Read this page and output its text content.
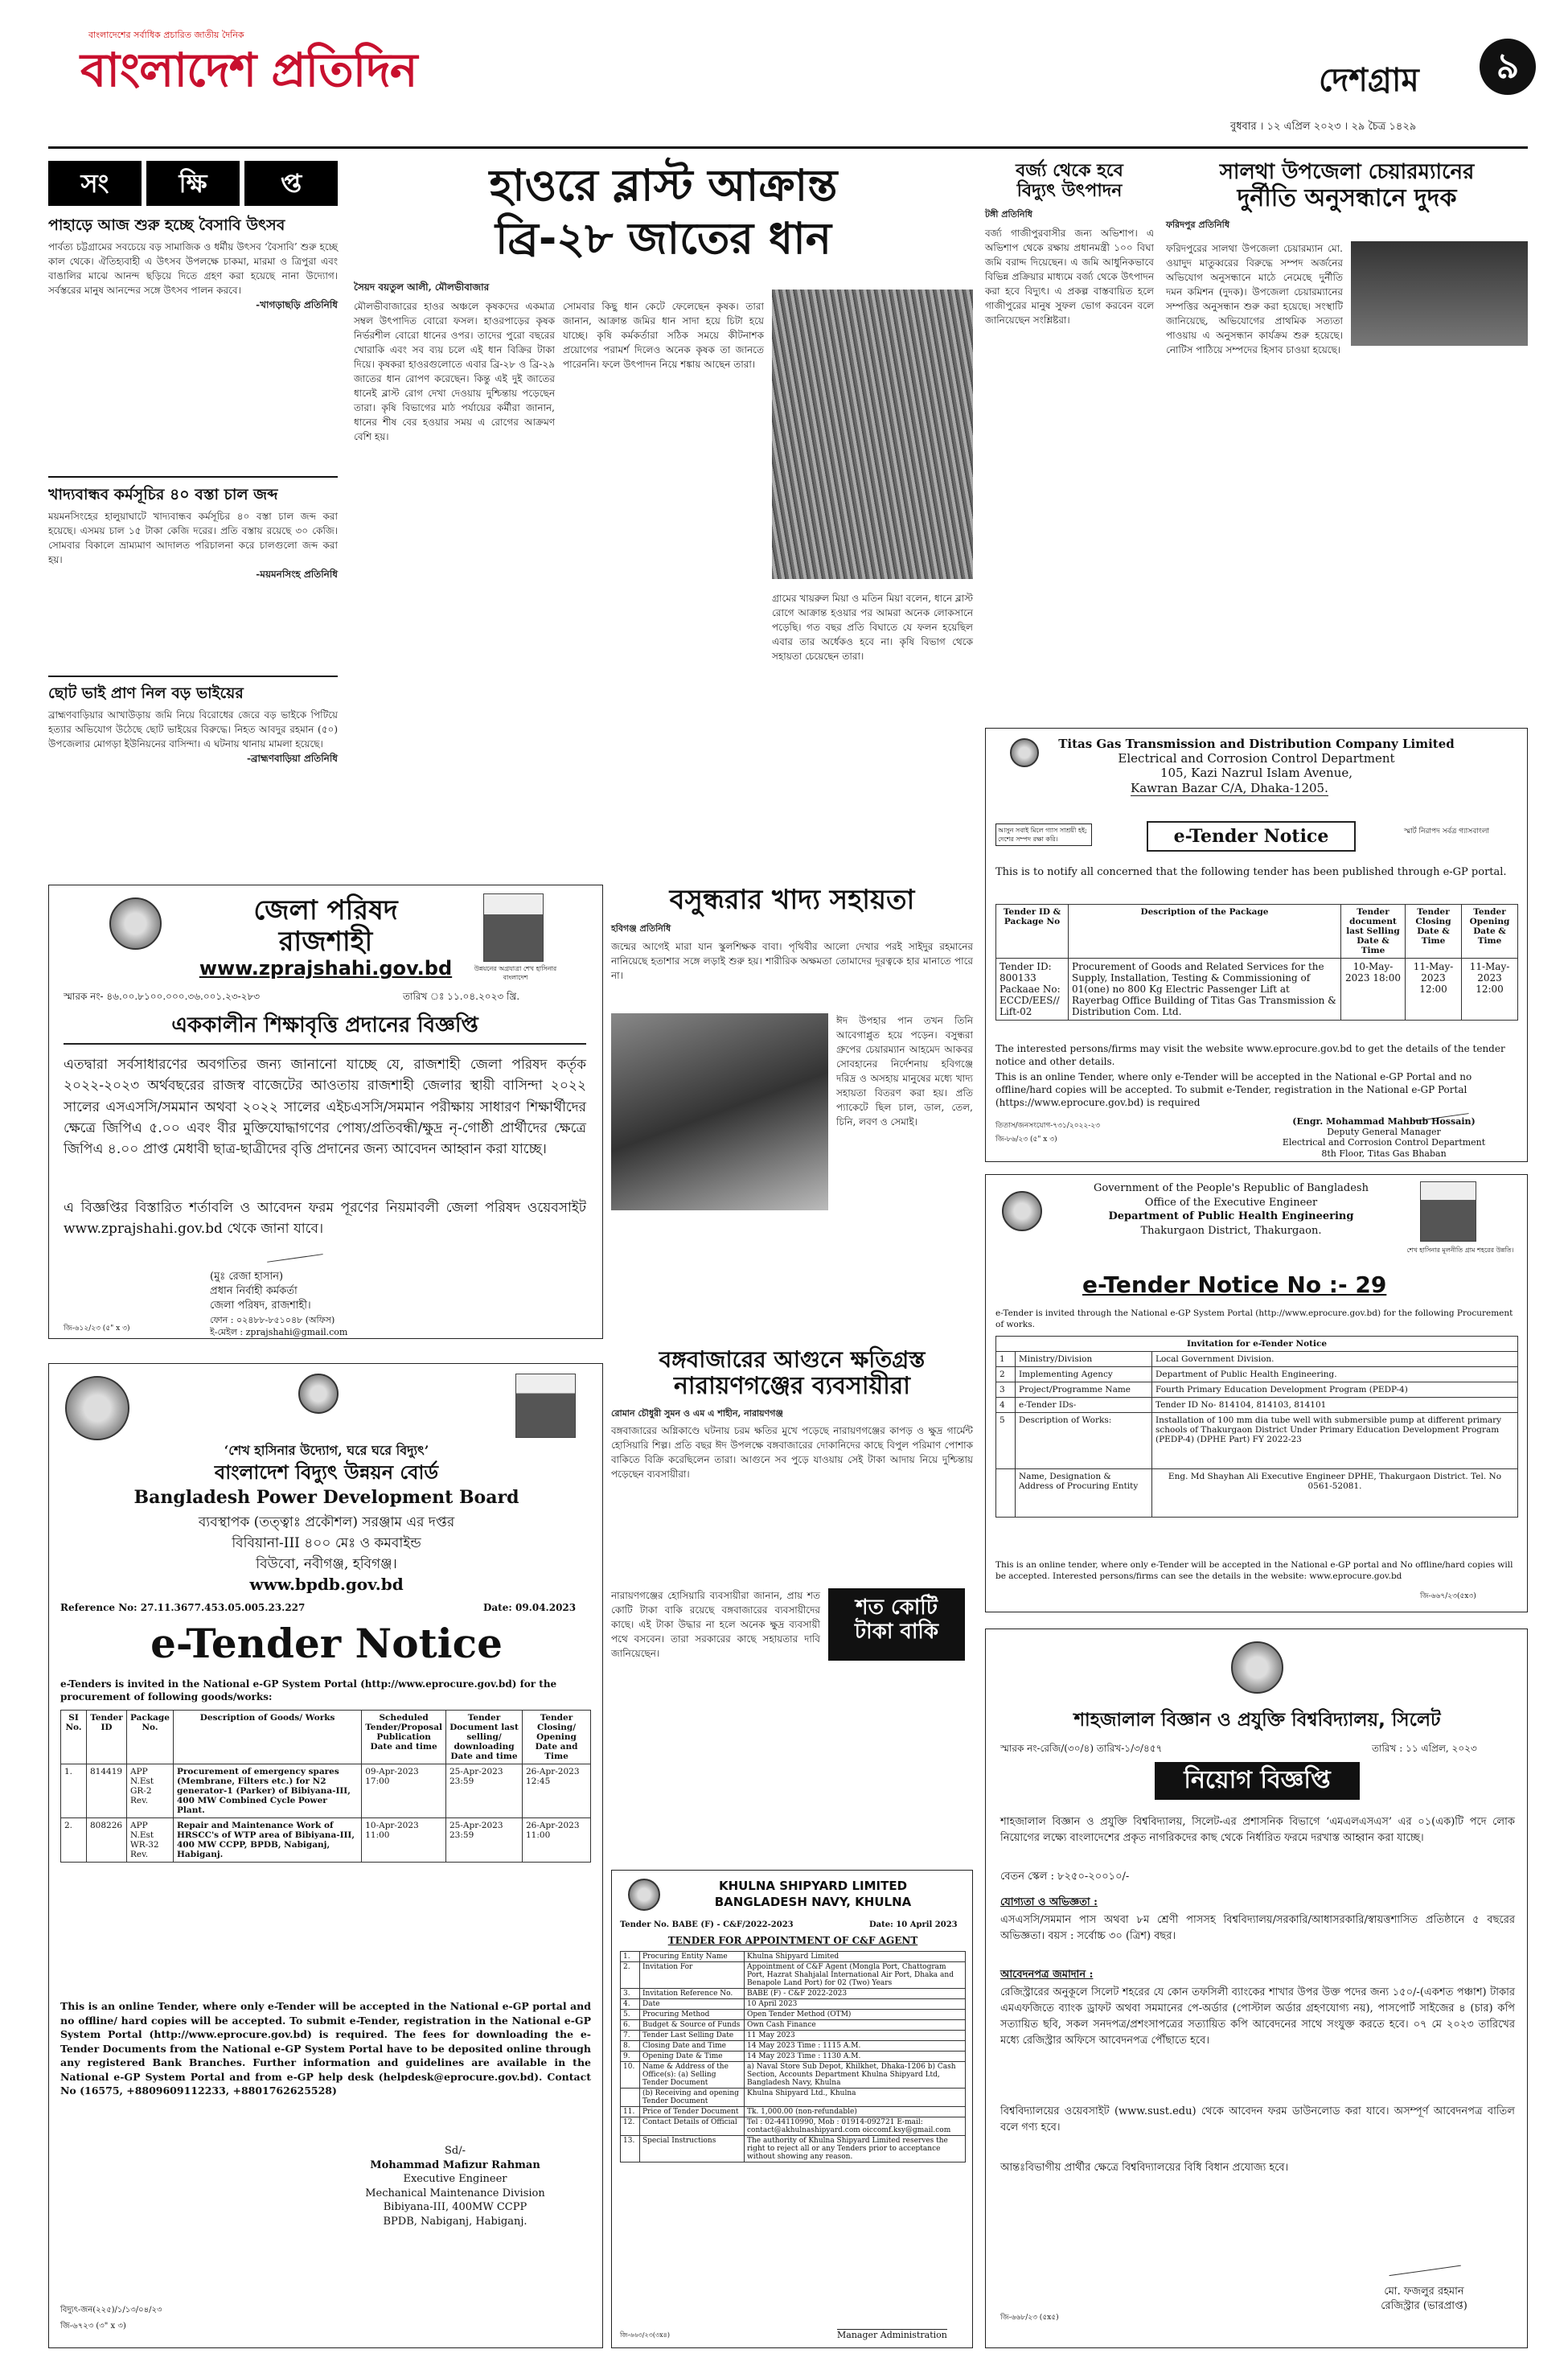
বাংলাদেশের সর্বাধিক প্রচারিত জাতীয় দৈনিক
বাংলাদেশ প্রতিদিন	দেশগ্রাম	৯
বুধবার । ১২ এপ্রিল ২০২৩ । ২৯ চৈত্র ১৪২৯
সং	ক্ষি	প্ত
পাহাড়ে আজ শুরু হচ্ছে বৈসাবি উৎসব
পার্বত্য চট্টগ্রামের সবচেয়ে বড় সামাজিক ও ধর্মীয় উৎসব ‘বৈসাবি’ শুরু হচ্ছে কাল থেকে। ঐতিহ্যবাহী এ উৎসব উপলক্ষে চাকমা, মারমা ও ত্রিপুরা এবং বাঙালির মাঝে আনন্দ ছড়িয়ে দিতে গ্রহণ করা হয়েছে নানা উদ্যোগ। সর্বস্তরের মানুষ আনন্দের সঙ্গে উৎসব পালন করবে।
-খাগড়াছড়ি প্রতিনিধি
খাদ্যবান্ধব কর্মসূচির ৪০ বস্তা চাল জব্দ
ময়মনসিংহের হালুয়াঘাটে খাদ্যবান্ধব কর্মসূচির ৪০ বস্তা চাল জব্দ করা হয়েছে। এসময় চাল ১৫ টাকা কেজি দরের। প্রতি বস্তায় রয়েছে ৩০ কেজি। সোমবার বিকালে ভ্রাম্যমাণ আদালত পরিচালনা করে চালগুলো জব্দ করা হয়।
-ময়মনসিংহ প্রতিনিধি
ছোট ভাই প্রাণ নিল বড় ভাইয়ের
ব্রাহ্মণবাড়িয়ার আখাউড়ায় জমি নিয়ে বিরোধের জেরে বড় ভাইকে পিটিয়ে হত্যার অভিযোগ উঠেছে ছোট ভাইয়ের বিরুদ্ধে। নিহত আবদুর রহমান (৫০) উপজেলার মোগড়া ইউনিয়নের বাসিন্দা। এ ঘটনায় থানায় মামলা হয়েছে।
-ব্রাহ্মণবাড়িয়া প্রতিনিধি
হাওরে ব্লাস্ট আক্রান্ত
ব্রি-২৮ জাতের ধান
সৈয়দ বয়তুল আলী, মৌলভীবাজার
মৌলভীবাজারের হাওর অঞ্চলে কৃষকদের একমাত্র সম্বল উৎপাদিত বোরো ফসল। হাওরপাড়ের কৃষক নির্ভরশীল বোরো ধানের ওপর। তাদের পুরো বছরের খোরাকি এবং সব ব্যয় চলে এই ধান বিক্রির টাকা দিয়ে। কৃষকরা হাওরগুলোতে এবার ব্রি-২৮ ও ব্রি-২৯ জাতের ধান রোপণ করেছেন। কিন্তু এই দুই জাতের ধানেই ব্লাস্ট রোগ দেখা দেওয়ায় দুশ্চিন্তায় পড়েছেন তারা। কৃষি বিভাগের মাঠ পর্যায়ের কর্মীরা জানান, ধানের শীষ বের হওয়ার সময় এ রোগের আক্রমণ বেশি হয়।
সোমবার কিছু ধান কেটে ফেলেছেন কৃষক। তারা জানান, আক্রান্ত জমির ধান সাদা হয়ে চিটা হয়ে যাচ্ছে। কৃষি কর্মকর্তারা সঠিক সময়ে কীটনাশক প্রয়োগের পরামর্শ দিলেও অনেক কৃষক তা জানতে পারেননি। ফলে উৎপাদন নিয়ে শঙ্কায় আছেন তারা।
গ্রামের খায়রুল মিয়া ও মতিন মিয়া বলেন, ধানে ব্লাস্ট রোগে আক্রান্ত হওয়ার পর আমরা অনেক লোকসানে পড়েছি। গত বছর প্রতি বিঘাতে যে ফলন হয়েছিল এবার তার অর্ধেকও হবে না। কৃষি বিভাগ থেকে সহায়তা চেয়েছেন তারা।
বর্জ্য থেকে হবে
বিদ্যুৎ উৎপাদন
টঙ্গী প্রতিনিধি
বর্জ্য গাজীপুরবাসীর জন্য অভিশাপ। এ অভিশাপ থেকে রক্ষায় প্রধানমন্ত্রী ১০০ বিঘা জমি বরাদ্দ দিয়েছেন। এ জমি আধুনিকভাবে বিভিন্ন প্রক্রিয়ার মাধ্যমে বর্জ্য থেকে উৎপাদন করা হবে বিদ্যুৎ। এ প্রকল্প বাস্তবায়িত হলে গাজীপুরের মানুষ সুফল ভোগ করবেন বলে জানিয়েছেন সংশ্লিষ্টরা।
সালথা উপজেলা চেয়ারম্যানের
দুর্নীতি অনুসন্ধানে দুদক
ফরিদপুর প্রতিনিধি
ফরিদপুরের সালথা উপজেলা চেয়ারম্যান মো. ওয়াদুদ মাতুব্বরের বিরুদ্ধে সম্পদ অর্জনের অভিযোগ অনুসন্ধানে মাঠে নেমেছে দুর্নীতি দমন কমিশন (দুদক)। উপজেলা চেয়ারম্যানের সম্পত্তির অনুসন্ধান শুরু করা হয়েছে। সংস্থাটি জানিয়েছে, অভিযোগের প্রাথমিক সত্যতা পাওয়ায় এ অনুসন্ধান কার্যক্রম শুরু হয়েছে। নোটিস পাঠিয়ে সম্পদের হিসাব চাওয়া হয়েছে।
Titas Gas Transmission and Distribution Company Limited
Electrical and Corrosion Control Department
105, Kazi Nazrul Islam Avenue,
Kawran Bazar C/A, Dhaka-1205.
আসুন সবাই মিলে গ্যাস সাশ্রয়ী হই; দেশের সম্পদ রক্ষা করি।	e-Tender Notice	স্মার্ট নিরাপদ সর্বত্র গ্যাসবাংলা
This is to notify all concerned that the following tender has been published through e-GP portal.
Tender ID & Package No	Description of the Package	Tender document last Selling Date & Time	Tender Closing Date & Time	Tender Opening Date & Time
Tender ID: 800133 Packaae No: ECCD/EES// Lift-02	Procurement of Goods and Related Services for the Supply, Installation, Testing & Commissioning of 01(one) no 800 Kg Electric Passenger Lift at Rayerbag Office Building of Titas Gas Transmission & Distribution Com. Ltd.	10-May-2023 18:00	11-May-2023 12:00	11-May-2023 12:00
The interested persons/firms may visit the website www.eprocure.gov.bd to get the details of the tender notice and other details.
This is an online Tender, where only e-Tender will be accepted in the National e-GP Portal and no offline/hard copies will be accepted. To submit e-Tender, registration in the National e-GP Portal (https://www.eprocure.gov.bd) is required
তিতাস/জনসংযোগ-৭৩১/২০২২-২৩
জি-৮৬/২৩ (৫" x ৩)
(Engr. Mohammad Mahbub Hossain)
Deputy General Manager
Electrical and Corrosion Control Department
8th Floor, Titas Gas Bhaban
বসুন্ধরার খাদ্য সহায়তা
হবিগঞ্জ প্রতিনিধি
জন্মের আগেই মারা যান স্কুলশিক্ষক বাবা। পৃথিবীর আলো দেখার পরই সাইদুর রহমানের নানিয়েছে হতাশার সঙ্গে লড়াই শুরু হয়। শারীরিক অক্ষমতা তোমাদের দূরত্বকে হার মানাতে পারে না।
ঈদ উপহার পান তখন তিনি আবেগাপ্লুত হয়ে পড়েন। বসুন্ধরা গ্রুপের চেয়ারম্যান আহমেদ আকবর সোবহানের নির্দেশনায় হবিগঞ্জে দরিদ্র ও অসহায় মানুষের মধ্যে খাদ্য সহায়তা বিতরণ করা হয়। প্রতি প্যাকেটে ছিল চাল, ডাল, তেল, চিনি, লবণ ও সেমাই।
জেলা পরিষদ
রাজশাহী
www.zprajshahi.gov.bd	উন্নয়নের অগ্রযাত্রা শেখ হাসিনার বাংলাদেশ
স্মারক নং- ৪৬.০০.৮১০০.০০০.৩৬.০০১.২৩-২৮৩	তারিখ ঃ ১১.০৪.২০২৩ খ্রি.
এককালীন শিক্ষাবৃত্তি প্রদানের বিজ্ঞপ্তি
এতদ্বারা সর্বসাধারণের অবগতির জন্য জানানো যাচ্ছে যে, রাজশাহী জেলা পরিষদ কর্তৃক ২০২২-২০২৩ অর্থবছরের রাজস্ব বাজেটের আওতায় রাজশাহী জেলার স্থায়ী বাসিন্দা ২০২২ সালের এসএসসি/সমমান অথবা ২০২২ সালের এইচএসসি/সমমান পরীক্ষায় সাধারণ শিক্ষার্থীদের ক্ষেত্রে জিপিএ ৫.০০ এবং বীর মুক্তিযোদ্ধাগণের পোষ্য/প্রতিবন্ধী/ক্ষুদ্র নৃ-গোষ্ঠী প্রার্থীদের ক্ষেত্রে জিপিএ ৪.০০ প্রাপ্ত মেধাবী ছাত্র-ছাত্রীদের বৃত্তি প্রদানের জন্য আবেদন আহ্বান করা যাচ্ছে।
এ বিজ্ঞপ্তির বিস্তারিত শর্তাবলি ও আবেদন ফরম পূরণের নিয়মাবলী জেলা পরিষদ ওয়েবসাইট www.zprajshahi.gov.bd থেকে জানা যাবে।
(মুঃ রেজা হাসান)
প্রধান নির্বাহী কর্মকর্তা
জেলা পরিষদ, রাজশাহী।
ফোন : ০২৪৮৮-৮৫১০৪৮ (অফিস)
ই-মেইল : zprajshahi@gmail.com
জি-৬১২/২৩ (৫" x ৩)
Government of the People's Republic of Bangladesh
Office of the Executive Engineer
Department of Public Health Engineering
Thakurgaon District, Thakurgaon.
শেখ হাসিনার মূলনীতি গ্রাম শহরের উন্নতি।
e-Tender Notice No :- 29
e-Tender is invited through the National e-GP System Portal (http://www.eprocure.gov.bd) for the following Procurement of works.
Invitation for e-Tender Notice		
1	Ministry/Division	Local Government Division.
2	Implementing Agency	Department of Public Health Engineering.
3	Project/Programme Name	Fourth Primary Education Development Program (PEDP-4)
4	e-Tender IDs-	Tender ID No- 814104, 814103, 814101
5	Description of Works:	Installation of 100 mm dia tube well with submersible pump at different primary schools of Thakurgaon District Under Primary Education Development Program (PEDP-4) (DPHE Part) FY 2022-23
	Name, Designation & Address of Procuring Entity	Eng. Md Shayhan Ali Executive Engineer DPHE, Thakurgaon District. Tel. No 0561-52081.
This is an online tender, where only e-Tender will be accepted in the National e-GP portal and No offline/hard copies will be accepted. Interested persons/firms can see the details in the website: www.eprocure.gov.bd
জি-৬৬৭/২৩(৫x৩)
বঙ্গবাজারের আগুনে ক্ষতিগ্রস্ত
নারায়ণগঞ্জের ব্যবসায়ীরা
রোমান চৌধুরী সুমন ও এম এ শাহীন, নারায়ণগঞ্জ
বঙ্গবাজারের অগ্নিকাণ্ডে ঘটনায় চরম ক্ষতির মুখে পড়েছে নারায়ণগঞ্জের কাপড় ও ক্ষুদ্র গার্মেন্ট হোসিয়ারি শিল্প। প্রতি বছর ঈদ উপলক্ষে বঙ্গবাজারের দোকানিদের কাছে বিপুল পরিমাণ পোশাক বাকিতে বিক্রি করেছিলেন তারা। আগুনে সব পুড়ে যাওয়ায় সেই টাকা আদায় নিয়ে দুশ্চিন্তায় পড়েছেন ব্যবসায়ীরা।
শত কোটি টাকা বাকি
নারায়ণগঞ্জের হোসিয়ারি ব্যবসায়ীরা জানান, প্রায় শত কোটি টাকা বাকি রয়েছে বঙ্গবাজারের ব্যবসায়ীদের কাছে। এই টাকা উদ্ধার না হলে অনেক ক্ষুদ্র ব্যবসায়ী পথে বসবেন। তারা সরকারের কাছে সহায়তার দাবি জানিয়েছেন।
‘শেখ হাসিনার উদ্যোগ, ঘরে ঘরে বিদ্যুৎ’
বাংলাদেশ বিদ্যুৎ উন্নয়ন বোর্ড
Bangladesh Power Development Board
ব্যবস্থাপক (তত্ত্বাঃ প্রকৌশল) সরঞ্জাম এর দপ্তর
বিবিয়ানা-III ৪০০ মেঃ ও কমবাইন্ড
বিউবো, নবীগঞ্জ, হবিগঞ্জ।
www.bpdb.gov.bd
Reference No: 27.11.3677.453.05.005.23.227	Date: 09.04.2023
e-Tender Notice
e-Tenders is invited in the National e-GP System Portal (http://www.eprocure.gov.bd) for the procurement of following goods/works:
SI No.	Tender ID	Package No.	Description of Goods/ Works	Scheduled Tender/Proposal Publication Date and time	Tender Document last selling/ downloading Date and time	Tender Closing/ Opening Date and Time
1.	814419	APP N.Est GR-2 Rev.	Procurement of emergency spares (Membrane, Filters etc.) for N2 generator-1 (Parker) of Bibiyana-III, 400 MW Combined Cycle Power Plant.	09-Apr-2023 17:00	25-Apr-2023 23:59	26-Apr-2023 12:45
2.	808226	APP N.Est WR-32 Rev.	Repair and Maintenance Work of HRSCC's of WTP area of Bibiyana-III, 400 MW CCPP, BPDB, Nabiganj, Habiganj.	10-Apr-2023 11:00	25-Apr-2023 23:59	26-Apr-2023 11:00
This is an online Tender, where only e-Tender will be accepted in the National e-GP portal and no offline/ hard copies will be accepted. To submit e-Tender, registration in the National e-GP System Portal (http://www.eprocure.gov.bd) is required. The fees for downloading the e-Tender Documents from the National e-GP System Portal have to be deposited online through any registered Bank Branches. Further information and guidelines are available in the National e-GP System Portal and from e-GP help desk (helpdesk@eprocure.gov.bd). Contact No (16575, +8809609112233, +8801762625528)
Sd/-
Mohammad Mafizur Rahman
Executive Engineer
Mechanical Maintenance Division
Bibiyana-III, 400MW CCPP
BPDB, Nabiganj, Habiganj.
বিদ্যুৎ-জন(২২৫)/১/১৩/০৪/২৩
জি-৬৭২৩ (৩" x ৩)
KHULNA SHIPYARD LIMITED
BANGLADESH NAVY, KHULNA
Tender No. BABE (F) - C&F/2022-2023	Date: 10 April 2023
TENDER FOR APPOINTMENT OF C&F AGENT
1.	Procuring Entity Name	Khulna Shipyard Limited
2.	Invitation For	Appointment of C&F Agent (Mongla Port, Chattogram Port, Hazrat Shahjalal International Air Port, Dhaka and Benapole Land Port) for 02 (Two) Years
3.	Invitation Reference No.	BABE (F) - C&F 2022-2023
4.	Date	10 April 2023
5.	Procuring Method	Open Tender Method (OTM)
6.	Budget & Source of Funds	Own Cash Finance
7.	Tender Last Selling Date	11 May 2023
8.	Closing Date and Time	14 May 2023 Time : 1115 A.M.
9.	Opening Date & Time	14 May 2023 Time : 1130 A.M.
10.	Name & Address of the Office(s): (a) Selling Tender Document	a) Naval Store Sub Depot, Khilkhet, Dhaka-1206 b) Cash Section, Accounts Department Khulna Shipyard Ltd, Bangladesh Navy, Khulna
	(b) Receiving and opening Tender Document	Khulna Shipyard Ltd., Khulna
11.	Price of Tender Document	Tk. 1,000.00 (non-refundable)
12.	Contact Details of Official	Tel : 02-44110990, Mob : 01914-092721 E-mail: contact@akhulnashipyard.com oiccomf.ksy@gmail.com
13.	Special Instructions	The authority of Khulna Shipyard Limited reserves the right to reject all or any Tenders prior to acceptance without showing any reason.
জি-৬৬৩/২৩(৩x৪)	Manager Administration
শাহজালাল বিজ্ঞান ও প্রযুক্তি বিশ্ববিদ্যালয়, সিলেট
স্মারক নং-রেজি/(৩০/৪) তারিখ-১/৩/৪৫৭	তারিখ : ১১ এপ্রিল, ২০২৩
নিয়োগ বিজ্ঞপ্তি
শাহজালাল বিজ্ঞান ও প্রযুক্তি বিশ্ববিদ্যালয়, সিলেট-এর প্রশাসনিক বিভাগে ‘এমএলএসএস’ এর ০১(এক)টি পদে লোক নিয়োগের লক্ষ্যে বাংলাদেশের প্রকৃত নাগরিকদের কাছ থেকে নির্ধারিত ফরমে দরখাস্ত আহ্বান করা যাচ্ছে।
বেতন স্কেল : ৮২৫০-২০০১০/-
যোগ্যতা ও অভিজ্ঞতা :
এসএসসি/সমমান পাস অথবা ৮ম শ্রেণী পাসসহ বিশ্ববিদ্যালয়/সরকারি/আধাসরকারি/স্বায়ত্তশাসিত প্রতিষ্ঠানে ৫ বছরের অভিজ্ঞতা। বয়স : সর্বোচ্চ ৩০ (ত্রিশ) বছর।
আবেদনপত্র জমাদান :
রেজিস্ট্রারের অনুকূলে সিলেট শহরের যে কোন তফসিলী ব্যাংকের শাখার উপর উক্ত পদের জন্য ১৫০/-(একশত পঞ্চাশ) টাকার এমএফজিতে ব্যাংক ড্রাফট অথবা সমমানের পে-অর্ডার (পোস্টাল অর্ডার গ্রহণযোগ্য নয়), পাসপোর্ট সাইজের ৪ (চার) কপি সত্যায়িত ছবি, সকল সনদপত্র/প্রশংসাপত্রের সত্যায়িত কপি আবেদনের সাথে সংযুক্ত করতে হবে। ০৭ মে ২০২৩ তারিখের মধ্যে রেজিস্ট্রার অফিসে আবেদনপত্র পৌঁছাতে হবে।
বিশ্ববিদ্যালয়ের ওয়েবসাইট (www.sust.edu) থেকে আবেদন ফরম ডাউনলোড করা যাবে। অসম্পূর্ণ আবেদনপত্র বাতিল বলে গণ্য হবে।
আন্তঃবিভাগীয় প্রার্থীর ক্ষেত্রে বিশ্ববিদ্যালয়ের বিধি বিধান প্রযোজ্য হবে।
মো. ফজলুর রহমান
রেজিস্ট্রার (ভারপ্রাপ্ত)
জি-৬৬৮/২৩ (৫x৫)
